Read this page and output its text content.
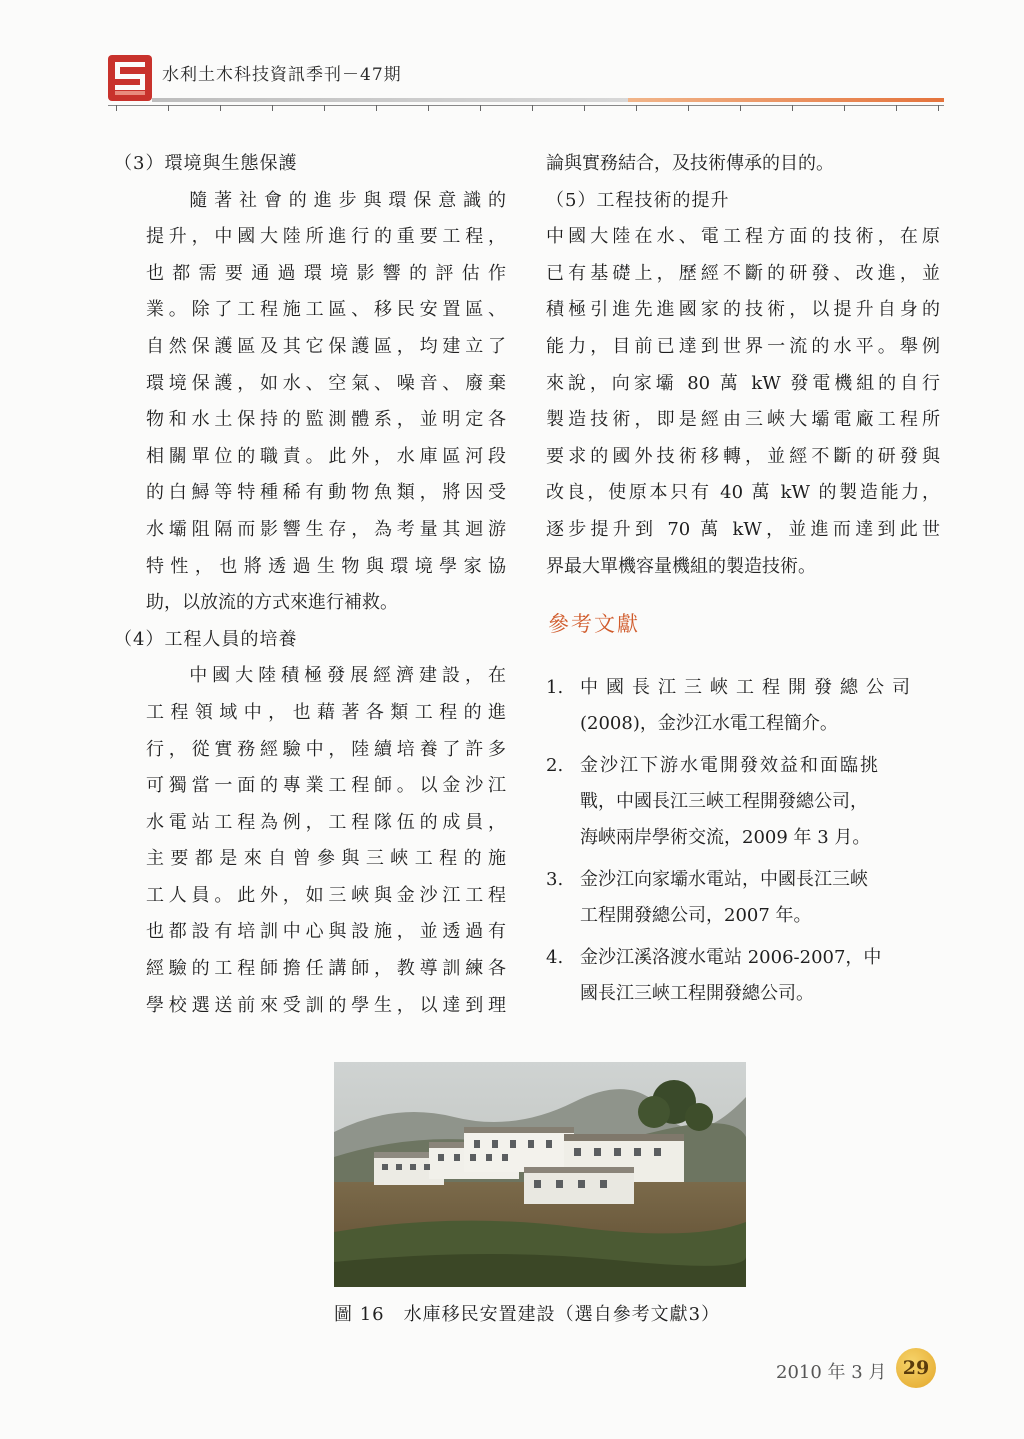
水利土木科技資訊季刊－47期

（3）環境與生態保護

隨著社會的進步與環保意識的

提升，中國大陸所進行的重要工程，

也都需要通過環境影響的評估作

業。除了工程施工區、移民安置區、

自然保護區及其它保護區，均建立了

環境保護，如水、空氣、噪音、廢棄

物和水土保持的監測體系，並明定各

相關單位的職責。此外，水庫區河段

的白鱘等特種稀有動物魚類，將因受

水壩阻隔而影響生存，為考量其迴游

特性，也將透過生物與環境學家協

助，以放流的方式來進行補救。

（4）工程人員的培養

中國大陸積極發展經濟建設，在

工程領域中，也藉著各類工程的進

行，從實務經驗中，陸續培養了許多

可獨當一面的專業工程師。以金沙江

水電站工程為例，工程隊伍的成員，

主要都是來自曾參與三峽工程的施

工人員。此外，如三峽與金沙江工程

也都設有培訓中心與設施，並透過有

經驗的工程師擔任講師，教導訓練各

學校選送前來受訓的學生，以達到理

論與實務結合，及技術傳承的目的。

（5）工程技術的提升

中國大陸在水、電工程方面的技術，在原

已有基礎上，歷經不斷的研發、改進，並

積極引進先進國家的技術，以提升自身的

能力，目前已達到世界一流的水平。舉例

來說，向家壩 80 萬 kW 發電機組的自行

製造技術，即是經由三峽大壩電廠工程所

要求的國外技術移轉，並經不斷的研發與

改良，使原本只有 40 萬 kW 的製造能力，

逐步提升到 70 萬 kW，並進而達到此世

界最大單機容量機組的製造技術。

參考文獻
1. 中國長江三峽工程開發總公司
(2008)，金沙江水電工程簡介。
2. 金沙江下游水電開發效益和面臨挑
戰，中國長江三峽工程開發總公司，
海峽兩岸學術交流，2009 年 3 月。
3. 金沙江向家壩水電站，中國長江三峽
工程開發總公司，2007 年。
4. 金沙江溪洛渡水電站 2006-2007，中
國長江三峽工程開發總公司。
圖 16　水庫移民安置建設（選自參考文獻3）
2010 年 3 月 29
